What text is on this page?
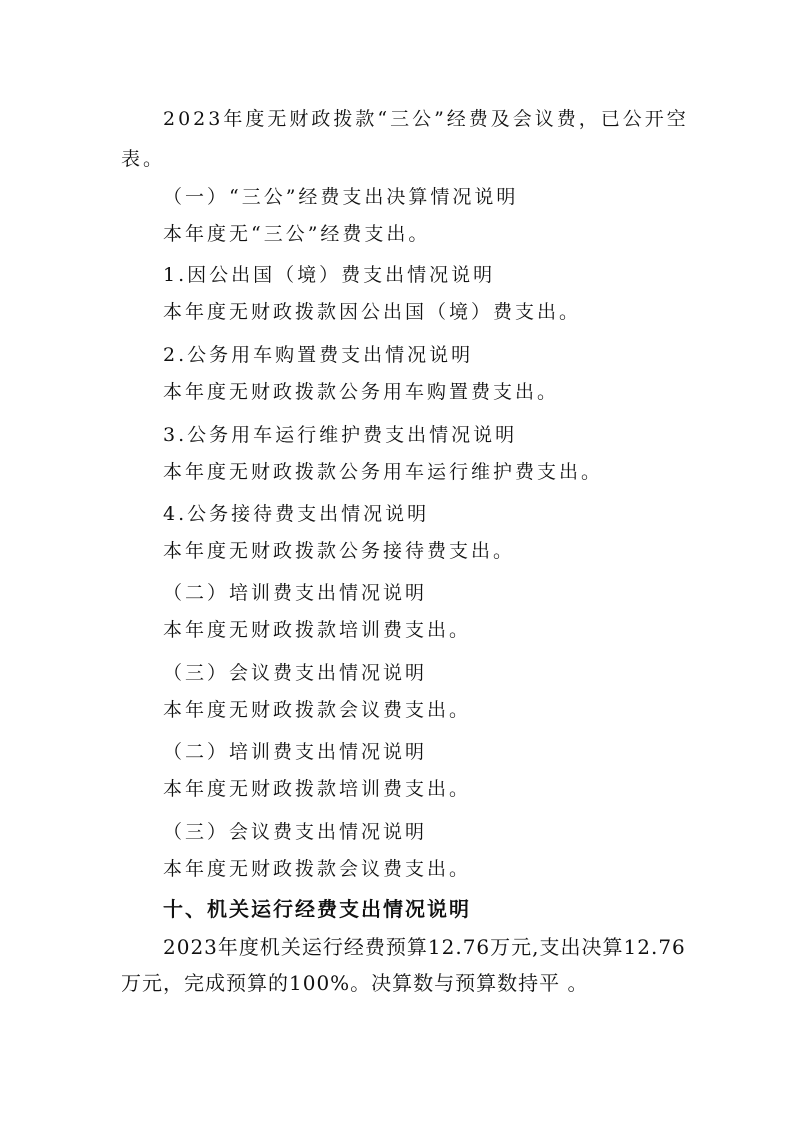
2023年度无财政拨款“三公”经费及会议费，已公开空
表。
（一）“三公”经费支出决算情况说明
本年度无“三公”经费支出。
1.因公出国（境）费支出情况说明
本年度无财政拨款因公出国（境）费支出。
2.公务用车购置费支出情况说明
本年度无财政拨款公务用车购置费支出。
3.公务用车运行维护费支出情况说明
本年度无财政拨款公务用车运行维护费支出。
4.公务接待费支出情况说明
本年度无财政拨款公务接待费支出。
（二）培训费支出情况说明
本年度无财政拨款培训费支出。
（三）会议费支出情况说明
本年度无财政拨款会议费支出。
（二）培训费支出情况说明
本年度无财政拨款培训费支出。
（三）会议费支出情况说明
本年度无财政拨款会议费支出。
十、机关运行经费支出情况说明
2023年度机关运行经费预算12.76万元,支出决算12.76
万元，完成预算的100%。决算数与预算数持平 。
